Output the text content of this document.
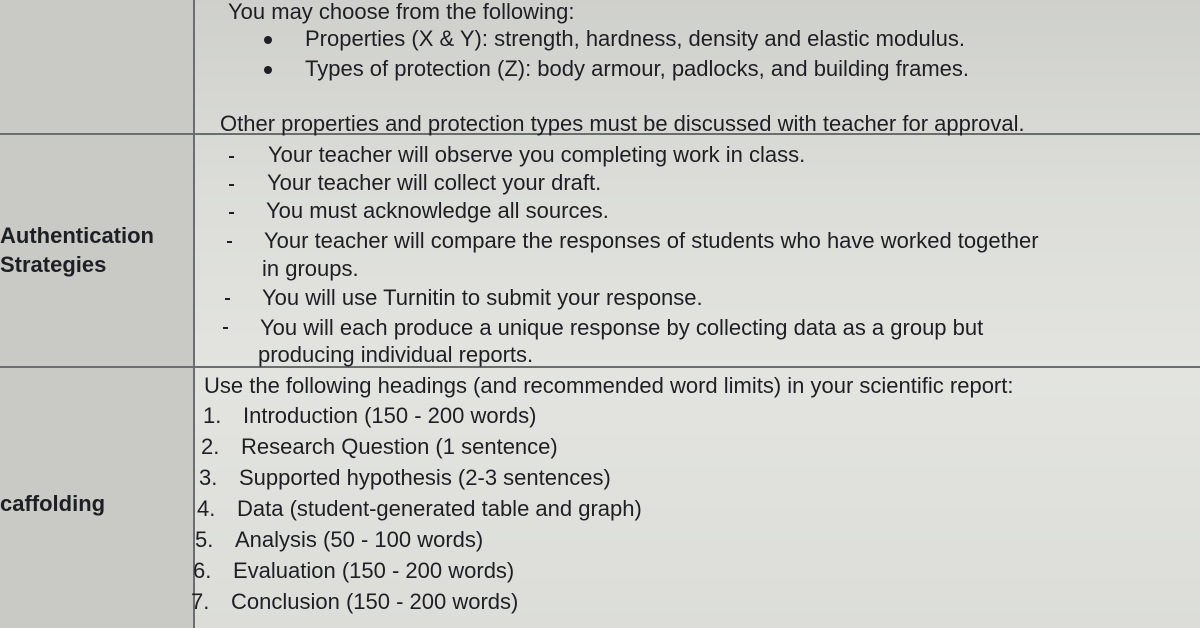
You may choose from the following:
Properties (X & Y): strength, hardness, density and elastic modulus.
Types of protection (Z): body armour, padlocks, and building frames.
Other properties and protection types must be discussed with teacher for approval.
Authentication
Strategies
Your teacher will observe you completing work in class.
Your teacher will collect your draft.
You must acknowledge all sources.
Your teacher will compare the responses of students who have worked together
in groups.
You will use Turnitin to submit your response.
You will each produce a unique response by collecting data as a group but
producing individual reports.
caffolding
Use the following headings (and recommended word limits) in your scientific report:
1. Introduction (150 - 200 words)
2. Research Question (1 sentence)
3. Supported hypothesis (2-3 sentences)
4. Data (student-generated table and graph)
5. Analysis (50 - 100 words)
6. Evaluation (150 - 200 words)
7. Conclusion (150 - 200 words)
